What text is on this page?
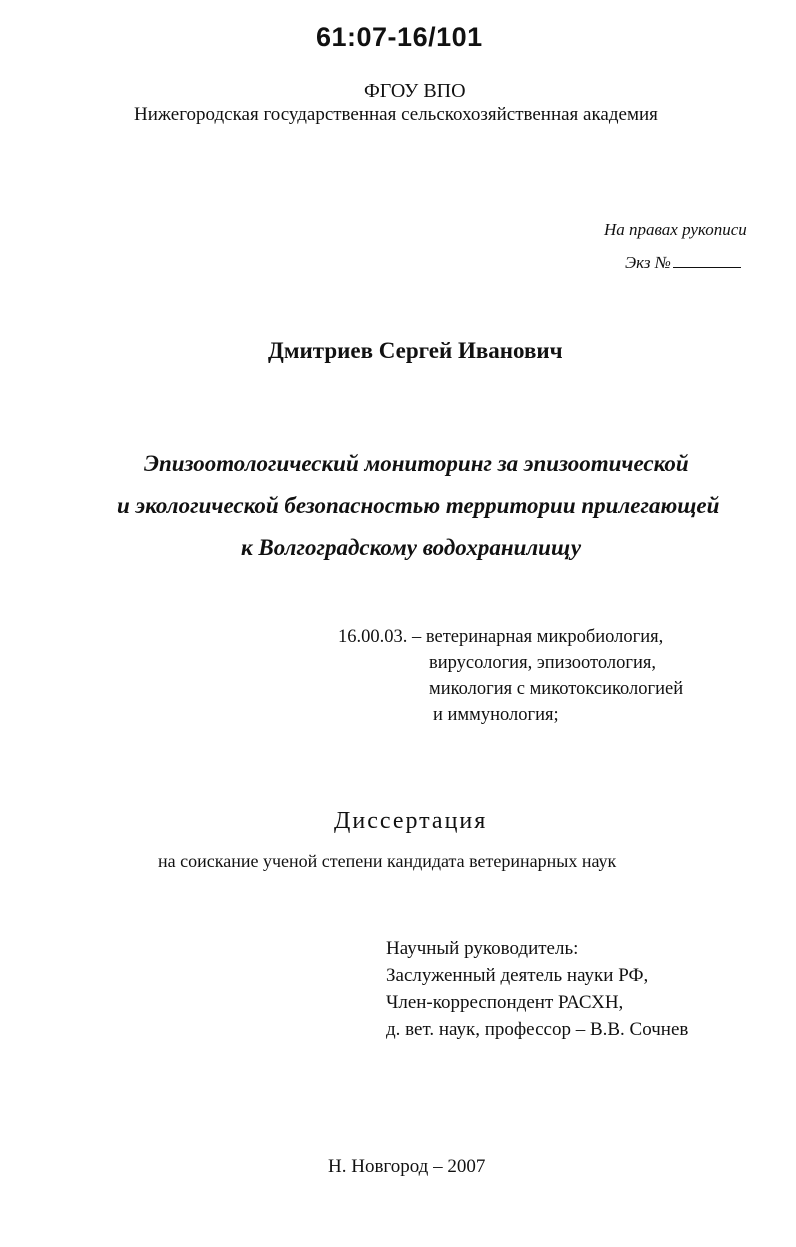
61:07-16/101
ФГОУ ВПО
Нижегородская государственная сельскохозяйственная академия
На правах рукописи
Экз №
Дмитриев Сергей Иванович
Эпизоотологический мониторинг за эпизоотической
и экологической безопасностью территории прилегающей
к Волгоградскому водохранилищу
16.00.03. – ветеринарная микробиология,
вирусология, эпизоотология,
микология с микотоксикологией
и иммунология;
Диссертация
на соискание ученой степени кандидата ветеринарных наук
Научный руководитель:
Заслуженный деятель науки РФ,
Член-корреспондент РАСХН,
д. вет. наук, профессор – В.В. Сочнев
Н. Новгород – 2007
